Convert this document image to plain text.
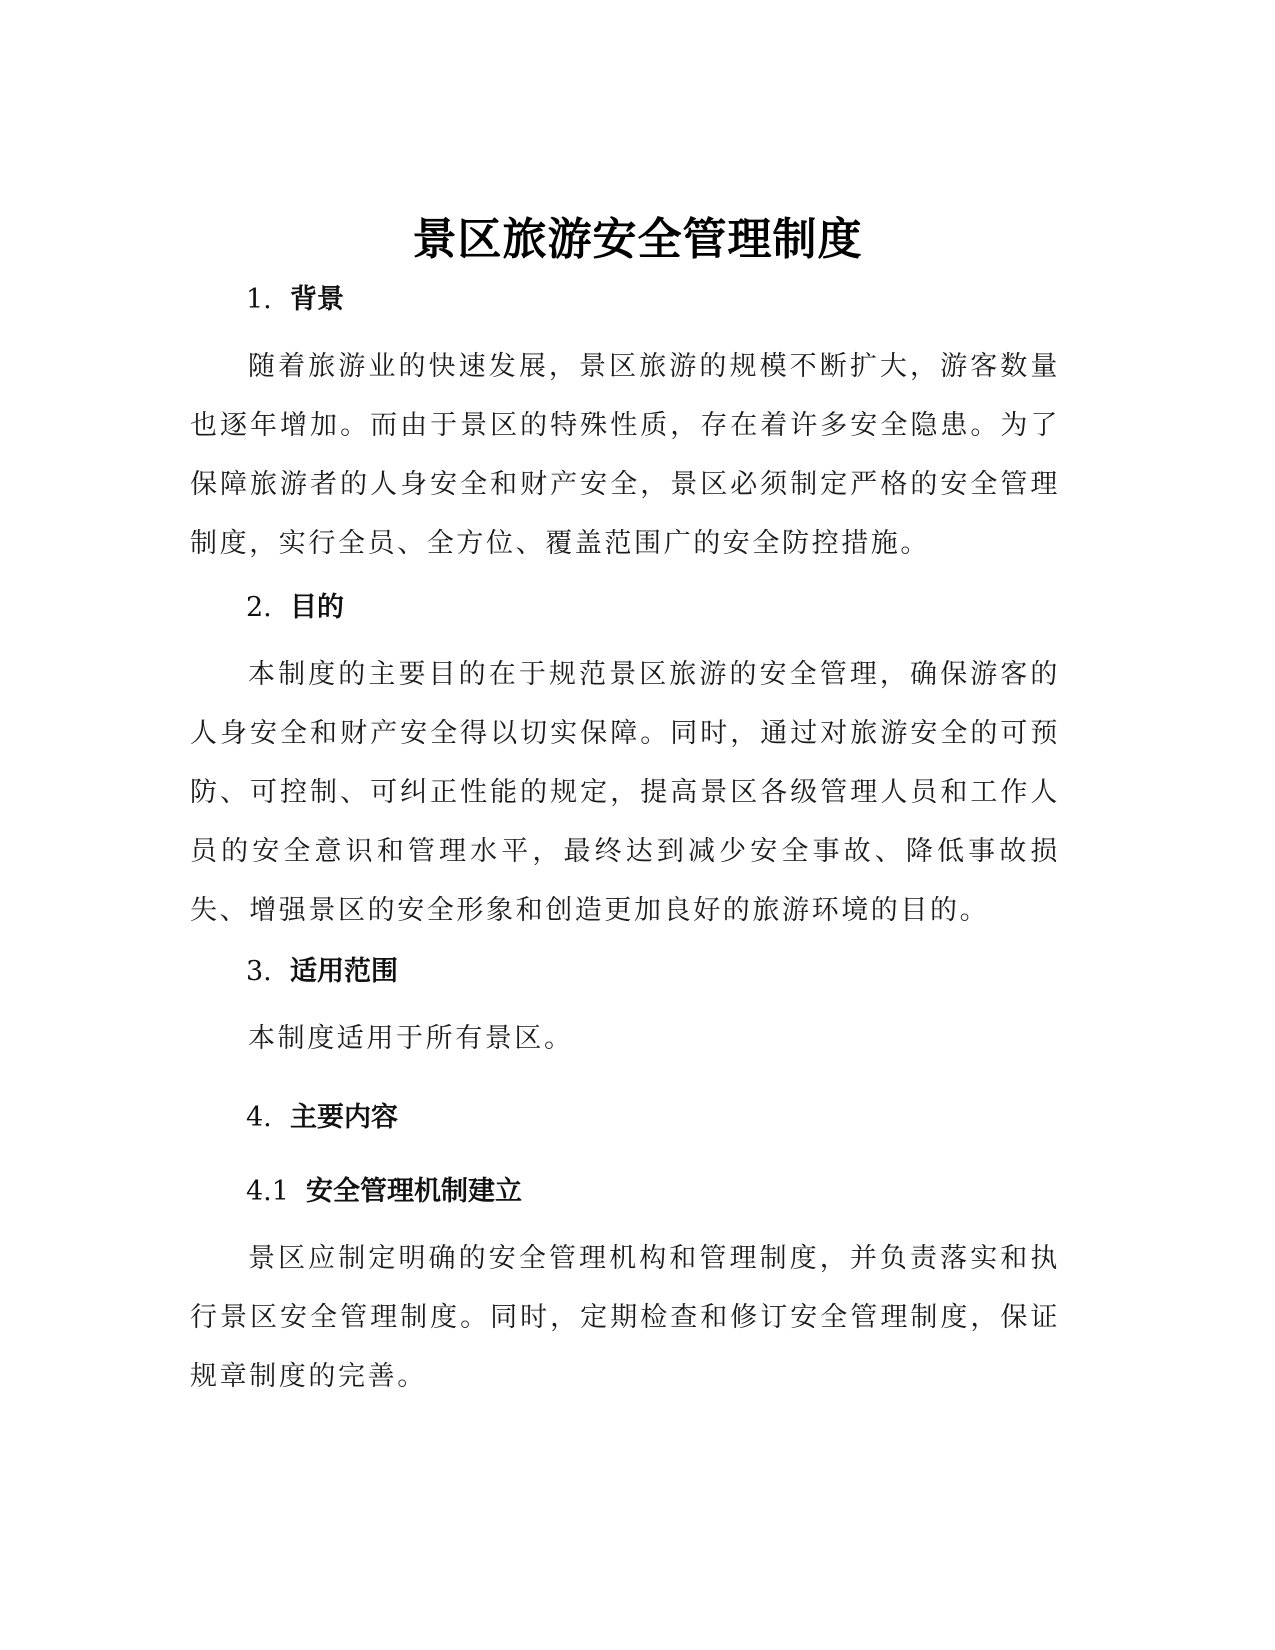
景区旅游安全管理制度
1. 背景
随着旅游业的快速发展，景区旅游的规模不断扩大，游客数量也逐年增加。而由于景区的特殊性质，存在着许多安全隐患。为了保障旅游者的人身安全和财产安全，景区必须制定严格的安全管理制度，实行全员、全方位、覆盖范围广的安全防控措施。
2. 目的
本制度的主要目的在于规范景区旅游的安全管理，确保游客的人身安全和财产安全得以切实保障。同时，通过对旅游安全的可预防、可控制、可纠正性能的规定，提高景区各级管理人员和工作人员的安全意识和管理水平，最终达到减少安全事故、降低事故损失、增强景区的安全形象和创造更加良好的旅游环境的目的。
3. 适用范围
本制度适用于所有景区。
4. 主要内容
4.1 安全管理机制建立
景区应制定明确的安全管理机构和管理制度，并负责落实和执行景区安全管理制度。同时，定期检查和修订安全管理制度，保证规章制度的完善。
